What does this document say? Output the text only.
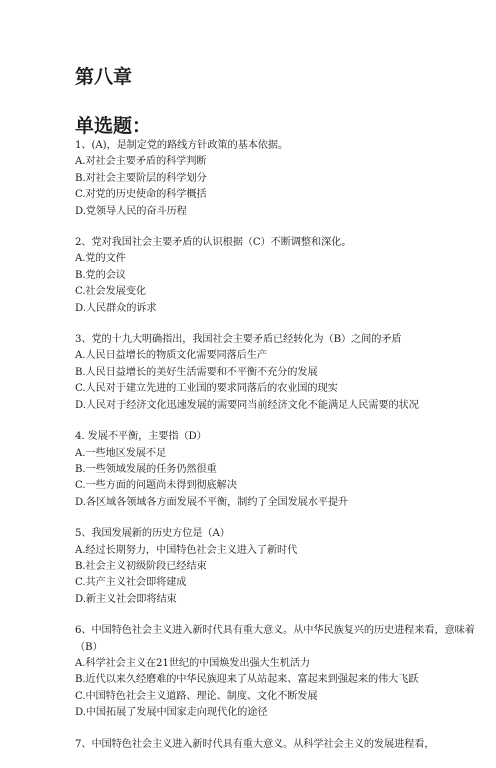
第八章
单选题：
1、(A)，是制定党的路线方针政策的基本依据。
A.对社会主要矛盾的科学判断
B.对社会主要阶层的科学划分
C.对党的历史使命的科学概括
D.党领导人民的奋斗历程
2、党对我国社会主要矛盾的认识根据（C）不断调整和深化。
A.党的文件
B.党的会议
C.社会发展变化
D.人民群众的诉求
3、党的十九大明确指出，我国社会主要矛盾已经转化为（B）之间的矛盾
A.人民日益增长的物质文化需要同落后生产
B.人民日益增长的美好生活需要和不平衡不充分的发展
C.人民对于建立先进的工业国的要求同落后的农业国的现实
D.人民对于经济文化迅速发展的需要同当前经济文化不能满足人民需要的状况
4. 发展不平衡，主要指（D）
A.一些地区发展不足
B.一些领域发展的任务仍然很重
C.一些方面的问题尚未得到彻底解决
D.各区域各领域各方面发展不平衡，制约了全国发展水平提升
5、我国发展新的历史方位是（A）
A.经过长期努力，中国特色社会主义进入了新时代
B.社会主义初级阶段已经结束
C.共产主义社会即将建成
D.新主义社会即将结束
6、中国特色社会主义进入新时代具有重大意义。从中华民族复兴的历史进程来看，意味着（B）
A.科学社会主义在21世纪的中国焕发出强大生机活力
B.近代以来久经磨难的中华民族迎来了从站起来、富起来到强起来的伟大飞跃
C.中国特色社会主义道路、理论、制度、文化不断发展
D.中国拓展了发展中国家走向现代化的途径
7、中国特色社会主义进入新时代具有重大意义。从科学社会主义的发展进程看，
